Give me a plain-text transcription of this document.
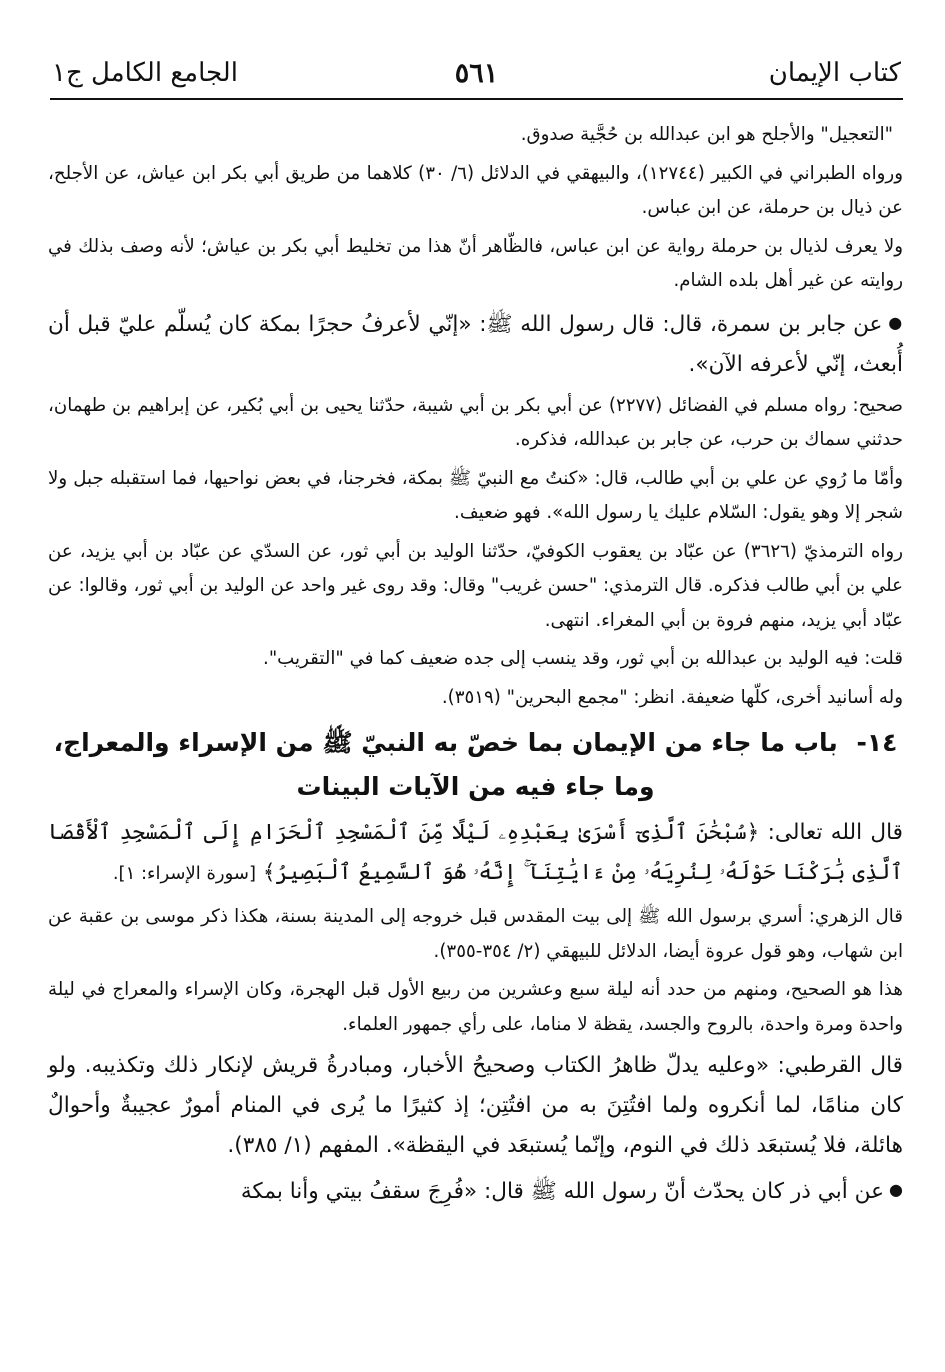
كتاب الإيمان
٥٦١
الجامع الكامل ج١

"التعجيل" والأجلح هو ابن عبدالله بن حُجَّية صدوق.

ورواه الطبراني في الكبير (١٢٧٤٤)، والبيهقي في الدلائل (٦/ ٣٠) كلاهما من طريق أبي بكر ابن عياش، عن الأجلح، عن ذيال بن حرملة، عن ابن عباس.

ولا يعرف لذيال بن حرملة رواية عن ابن عباس، فالظّاهر أنّ هذا من تخليط أبي بكر بن عياش؛ لأنه وصف بذلك في روايته عن غير أهل بلده الشام.

● عن جابر بن سمرة، قال: قال رسول الله ﷺ: «إنّي لأعرفُ حجرًا بمكة كان يُسلّم عليّ قبل أن أُبعث، إنّي لأعرفه الآن».

صحيح: رواه مسلم في الفضائل (٢٢٧٧) عن أبي بكر بن أبي شيبة، حدّثنا يحيى بن أبي بُكير، عن إبراهيم بن طهمان، حدثني سماك بن حرب، عن جابر بن عبدالله، فذكره.

وأمّا ما رُوي عن علي بن أبي طالب، قال: «كنتُ مع النبيّ ﷺ بمكة، فخرجنا، في بعض نواحيها، فما استقبله جبل ولا شجر إلا وهو يقول: السّلام عليك يا رسول الله». فهو ضعيف.

رواه الترمذيّ (٣٦٢٦) عن عبّاد بن يعقوب الكوفيّ، حدّثنا الوليد بن أبي ثور، عن السدّي عن عبّاد بن أبي يزيد، عن علي بن أبي طالب فذكره. قال الترمذي: "حسن غريب" وقال: وقد روى غير واحد عن الوليد بن أبي ثور، وقالوا: عن عبّاد أبي يزيد، منهم فروة بن أبي المغراء. انتهى.

قلت: فيه الوليد بن عبدالله بن أبي ثور، وقد ينسب إلى جده ضعيف كما في "التقريب".

وله أسانيد أخرى، كلّها ضعيفة. انظر: "مجمع البحرين" (٣٥١٩).

١٤- باب ما جاء من الإيمان بما خصّ به النبيّ ﷺ من الإسراء والمعراج،
وما جاء فيه من الآيات البينات

قال الله تعالى: ﴿سُبْحَٰنَ ٱلَّذِىٓ أَسْرَىٰ بِعَبْدِهِۦ لَيْلًا مِّنَ ٱلْمَسْجِدِ ٱلْحَرَامِ إِلَى ٱلْمَسْجِدِ ٱلْأَقْصَا ٱلَّذِى بَٰرَكْنَا حَوْلَهُۥ لِنُرِيَهُۥ مِنْ ءَايَٰتِنَآ ۚ إِنَّهُۥ هُوَ ٱلسَّمِيعُ ٱلْبَصِيرُ﴾ [سورة الإسراء: ١].

قال الزهري: أسري برسول الله ﷺ إلى بيت المقدس قبل خروجه إلى المدينة بسنة، هكذا ذكر موسى بن عقبة عن ابن شهاب، وهو قول عروة أيضا، الدلائل للبيهقي (٢/ ٣٥٤-٣٥٥).

هذا هو الصحيح، ومنهم من حدد أنه ليلة سبع وعشرين من ربيع الأول قبل الهجرة، وكان الإسراء والمعراج في ليلة واحدة ومرة واحدة، بالروح والجسد، يقظة لا مناما، على رأي جمهور العلماء.

قال القرطبي: «وعليه يدلّ ظاهرُ الكتاب وصحيحُ الأخبار، ومبادرةُ قريش لإنكار ذلك وتكذيبه. ولو كان منامًا، لما أنكروه ولما افتُتِنَ به من افتُتِن؛ إذ كثيرًا ما يُرى في المنام أمورٌ عجيبةٌ وأحوالٌ هائلة، فلا يُستبعَد ذلك في النوم، وإنّما يُستبعَد في اليقظة». المفهم (١/ ٣٨٥).

● عن أبي ذر كان يحدّث أنّ رسول الله ﷺ قال: «فُرِجَ سقفُ بيتي وأنا بمكة
